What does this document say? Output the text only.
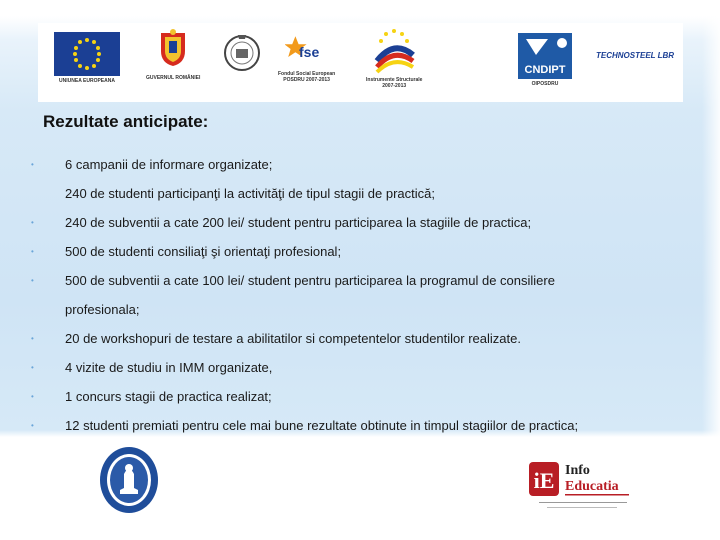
UNIUNEA EUROPEANA	GUVERNUL ROMÂNIEI
fse
Fondul Social European
POSDRU 2007-2013	Instrumente Structurale
2007-2013
CNDIPT
OIPOSDRU
TECHNOSTEEL LBR
Rezultate anticipate:
• 6 campanii de informare organizate;
240 de studenti participanţi la activităţi de tipul stagii de practică;
• 240 de subventii a cate 200 lei/ student pentru participarea la stagiile de practica;
• 500 de studenti consiliaţi şi orientaţi profesional;
• 500 de subventii a cate 100 lei/ student pentru participarea la programul de consiliere
profesionala;
• 20 de workshopuri de testare a abilitatilor si competentelor studentilor realizate.
• 4 vizite de studiu in IMM organizate,
• 1 concurs stagii de practica realizat;
• 12 studenti premiati pentru cele mai bune rezultate obtinute in timpul stagiilor de practica;
iE Info
Educatia
